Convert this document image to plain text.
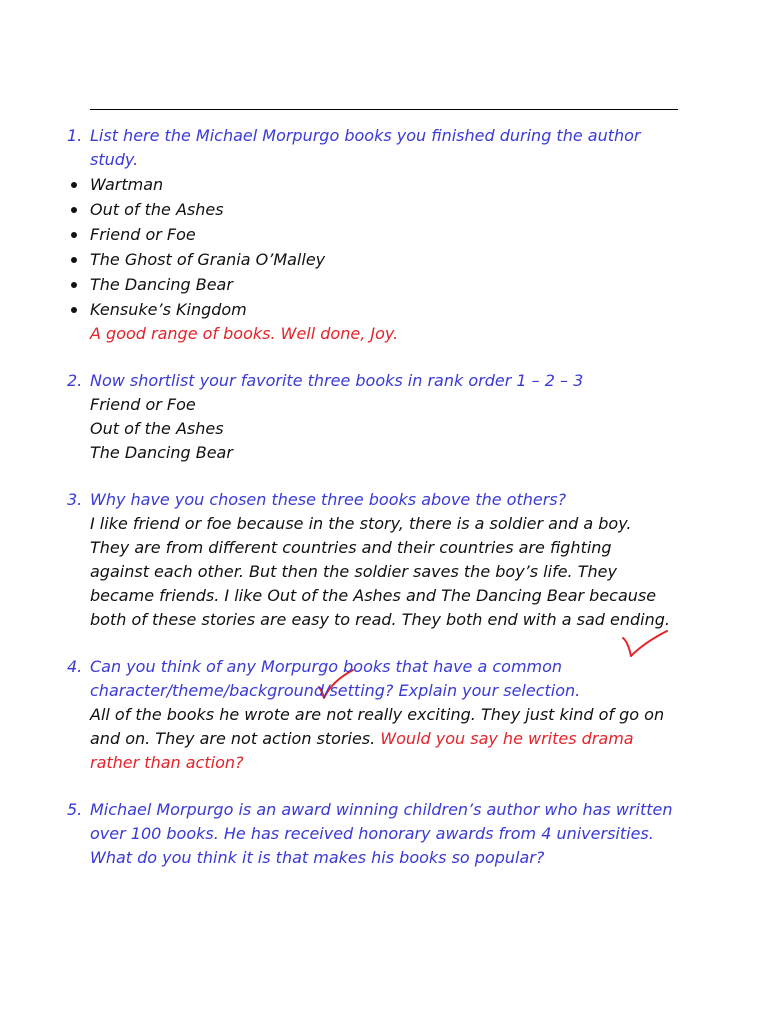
1. List here the Michael Morpurgo books you finished during the author
study.
Wartman
Out of the Ashes
Friend or Foe
The Ghost of Grania O’Malley
The Dancing Bear
Kensuke’s Kingdom
A good range of books. Well done, Joy.
2. Now shortlist your favorite three books in rank order 1 – 2 – 3
Friend or Foe
Out of the Ashes
The Dancing Bear
3. Why have you chosen these three books above the others?
I like friend or foe because in the story, there is a soldier and a boy.
They are from different countries and their countries are fighting
against each other. But then the soldier saves the boy’s life. They
became friends. I like Out of the Ashes and The Dancing Bear because
both of these stories are easy to read. They both end with a sad ending.
4. Can you think of any Morpurgo books that have a common
character/theme/background/setting? Explain your selection.
All of the books he wrote are not really exciting. They just kind of go on
and on. They are not action stories. Would you say he writes drama
rather than action?
5. Michael Morpurgo is an award winning children’s author who has written
over 100 books. He has received honorary awards from 4 universities.
What do you think it is that makes his books so popular?
